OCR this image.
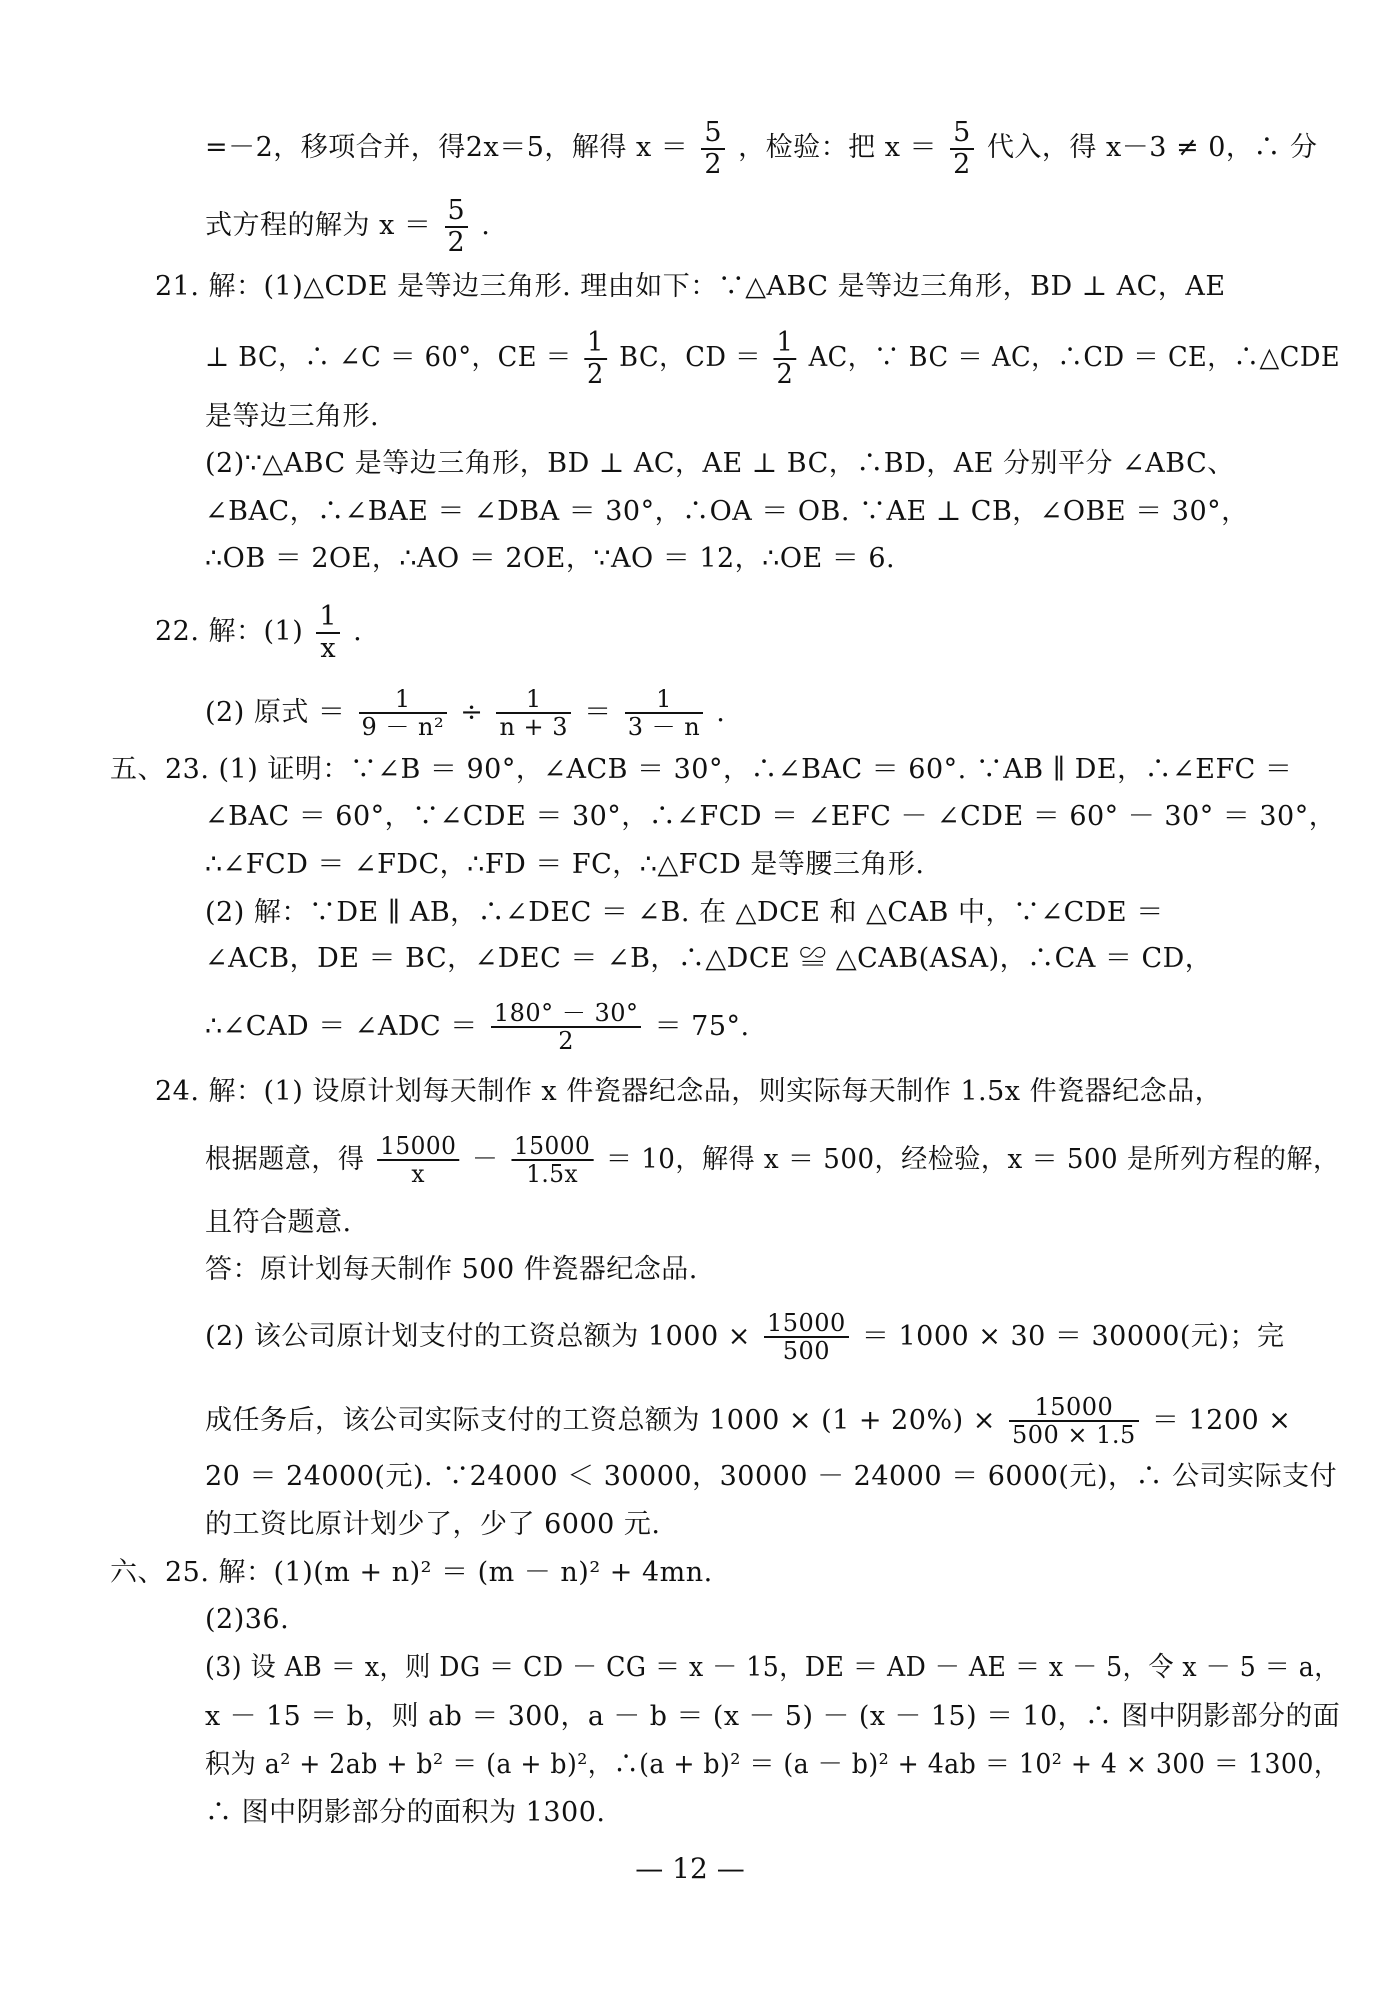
=－2，移项合并，得2x＝5，解得 $x = \frac{5}{2}$ ，检验：把 $x = \frac{5}{2}$ 代入，得 x－3 ≠ 0，∴ 分
式方程的解为 $x = \frac{5}{2}$ .
21. 解：(1)△CDE 是等边三角形. 理由如下：∵△ABC 是等边三角形，BD ⊥ AC，AE
⊥ BC，∴ ∠C ＝ 60°，CE ＝ $\frac{1}{2}$ BC，CD ＝ $\frac{1}{2}$ AC，∵ BC ＝ AC，∴CD ＝ CE，∴△CDE
是等边三角形.
(2)∵△ABC 是等边三角形，BD ⊥ AC，AE ⊥ BC，∴BD，AE 分别平分 ∠ABC、
∠BAC，∴∠BAE ＝ ∠DBA ＝ 30°，∴OA ＝ OB. ∵AE ⊥ CB，∠OBE ＝ 30°，
∴OB ＝ 2OE，∴AO ＝ 2OE，∵AO ＝ 12，∴OE ＝ 6.
22. 解：$(1) \frac{1}{x}$ .
(2) 原式 ＝ $\frac{1}{\text{9 － n²}} \div \frac{1}{n + 3} = \frac{1}{3 - n}$ .
五、23. (1) 证明：∵∠B ＝ 90°，∠ACB ＝ 30°，∴∠BAC ＝ 60°. ∵AB ∥ DE，∴∠EFC ＝
∠BAC ＝ 60°，∵∠CDE ＝ 30°，∴∠FCD ＝ ∠EFC － ∠CDE ＝ 60° － 30° ＝ 30°，
∴∠FCD ＝ ∠FDC，∴FD ＝ FC，∴△FCD 是等腰三角形.
(2) 解：∵DE ∥ AB，∴∠DEC ＝ ∠B. 在 △DCE 和 △CAB 中，∵∠CDE ＝
∠ACB，DE ＝ BC，∠DEC ＝ ∠B，∴△DCE ≌ △CAB(ASA)，∴CA ＝ CD，
∴∠CAD ＝ ∠ADC ＝ $\frac{180^\circ - 30^\circ}{2} = 75^\circ$.
24. 解：(1) 设原计划每天制作 x 件瓷器纪念品，则实际每天制作 1.5x 件瓷器纪念品，
根据题意，得 $\frac{15000}{x} - \frac{15000}{1.5x} = 10$，解得 x ＝ 500，经检验，x ＝ 500 是所列方程的解，
且符合题意.
答：原计划每天制作 500 件瓷器纪念品.
(2) 该公司原计划支付的工资总额为 $1000 \times \frac{15000}{500} = 1000 \times 30 = 30000$(元)；完
成任务后，该公司实际支付的工资总额为 $1000 \times (1 + 20\%) \times \frac{15000}{500 \times 1.5} = 1200$ ×
20 ＝ 24000(元). ∵24000 ＜ 30000，30000 － 24000 ＝ 6000(元)，∴ 公司实际支付
的工资比原计划少了，少了 6000 元.
六、25. 解：(1)(m + n)² ＝ (m － n)² + 4mn.
(2)36.
(3) 设 AB ＝ x，则 DG ＝ CD － CG ＝ x － 15，DE ＝ AD － AE ＝ x － 5，令 x － 5 ＝ a，
x － 15 ＝ b，则 ab ＝ 300，a － b ＝ (x － 5) － (x － 15) ＝ 10，∴ 图中阴影部分的面
积为 a² + 2ab + b² ＝ (a + b)²，∴(a + b)² ＝ (a － b)² + 4ab ＝ 10² + 4 × 300 ＝ 1300，
∴ 图中阴影部分的面积为 1300.
— 12 —
